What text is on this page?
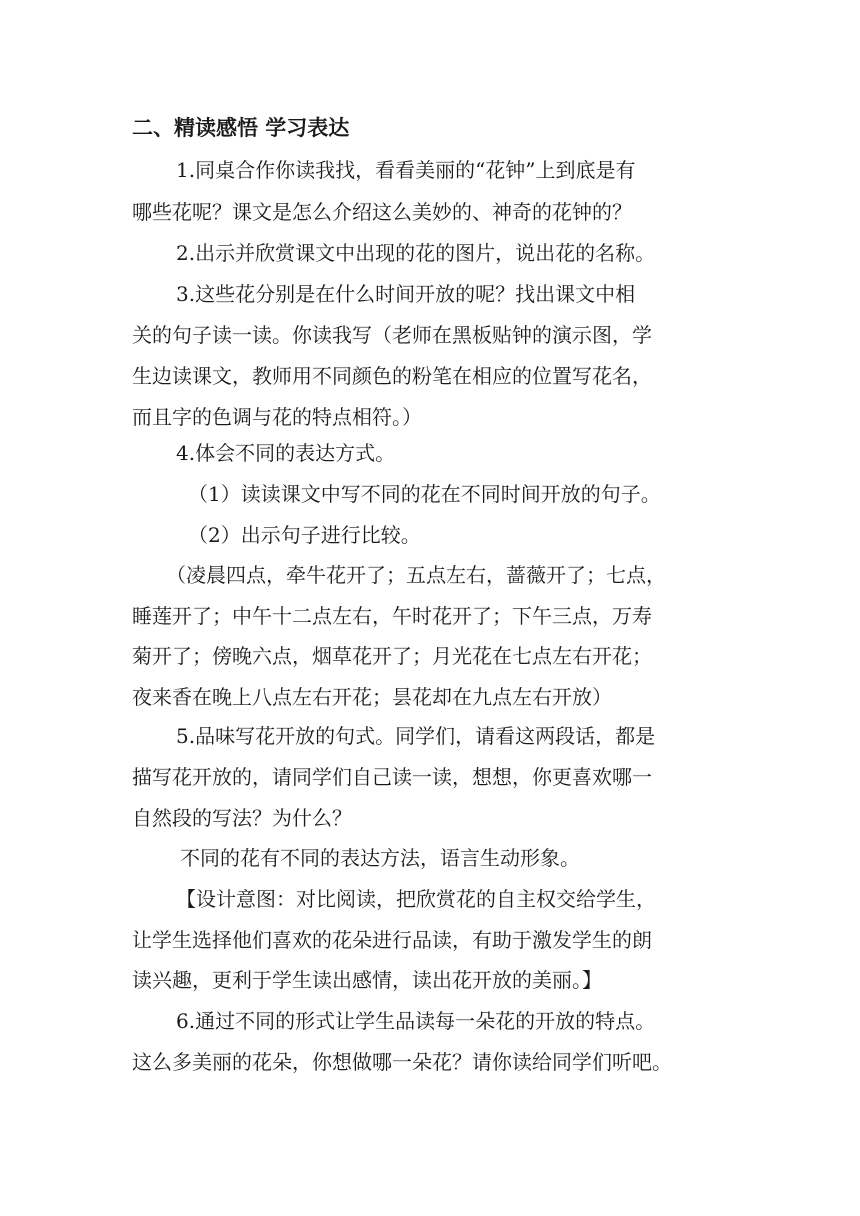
二、精读感悟 学习表达
1.同桌合作你读我找，看看美丽的“花钟”上到底是有
哪些花呢？课文是怎么介绍这么美妙的、神奇的花钟的？
2.出示并欣赏课文中出现的花的图片，说出花的名称。
3.这些花分别是在什么时间开放的呢？找出课文中相
关的句子读一读。你读我写（老师在黑板贴钟的演示图，学
生边读课文，教师用不同颜色的粉笔在相应的位置写花名，
而且字的色调与花的特点相符。）
4.体会不同的表达方式。
（1）读读课文中写不同的花在不同时间开放的句子。
（2）出示句子进行比较。
（凌晨四点，牵牛花开了；五点左右，蔷薇开了；七点，
睡莲开了；中午十二点左右，午时花开了；下午三点，万寿
菊开了；傍晚六点，烟草花开了；月光花在七点左右开花；
夜来香在晚上八点左右开花；昙花却在九点左右开放）
5.品味写花开放的句式。同学们，请看这两段话，都是
描写花开放的，请同学们自己读一读，想想，你更喜欢哪一
自然段的写法？为什么？
不同的花有不同的表达方法，语言生动形象。
【设计意图：对比阅读，把欣赏花的自主权交给学生，
让学生选择他们喜欢的花朵进行品读，有助于激发学生的朗
读兴趣，更利于学生读出感情，读出花开放的美丽。】
6.通过不同的形式让学生品读每一朵花的开放的特点。
这么多美丽的花朵，你想做哪一朵花？请你读给同学们听吧。
